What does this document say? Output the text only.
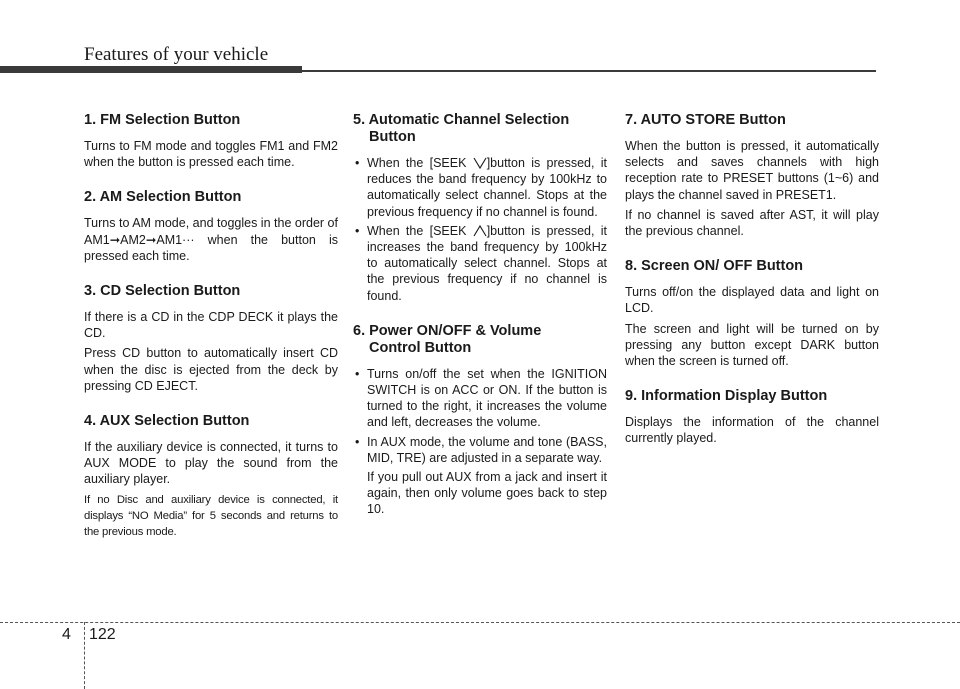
Features of your vehicle
1. FM Selection Button

Turns to FM mode and toggles FM1 and FM2 when the button is pressed each time.

2. AM Selection Button

Turns to AM mode, and toggles in the order of AM1➞AM2➞AM1··· when the button is pressed each time.

3. CD Selection Button

If there is a CD in the CDP DECK it plays the CD.

Press CD button to automatically insert CD when the disc is ejected from the deck by pressing CD EJECT.

4. AUX Selection Button

If the auxiliary device is connected, it turns to AUX MODE to play the sound from the auxiliary player.

If no Disc and auxiliary device is connected, it displays “NO Media” for 5 seconds and returns to the previous mode.

5. Automatic Channel Selection
Button
• When the [SEEK ]button is pressed, it reduces the band frequency by 100kHz to automatically select channel. Stops at the previous frequency if no channel is found.
• When the [SEEK ]button is pressed, it increases the band frequency by 100kHz to automatically select channel. Stops at the previous frequency if no channel is found.
6. Power ON/OFF & Volume
Control Button
• Turns on/off the set when the IGNITION SWITCH is on ACC or ON. If the button is turned to the right, it increases the volume and left, decreases the volume.
• In AUX mode, the volume and tone (BASS, MID, TRE) are adjusted in a separate way.

If you pull out AUX from a jack and insert it again, then only volume goes back to step 10.

7. AUTO STORE Button

When the button is pressed, it automatically selects and saves channels with high reception rate to PRESET buttons (1~6) and plays the channel saved in PRESET1.

If no channel is saved after AST, it will play the previous channel.

8. Screen ON/ OFF Button

Turns off/on the displayed data and light on LCD.

The screen and light will be turned on by pressing any button except DARK button when the screen is turned off.

9. Information Display Button

Displays the information of the channel currently played.

4 122
